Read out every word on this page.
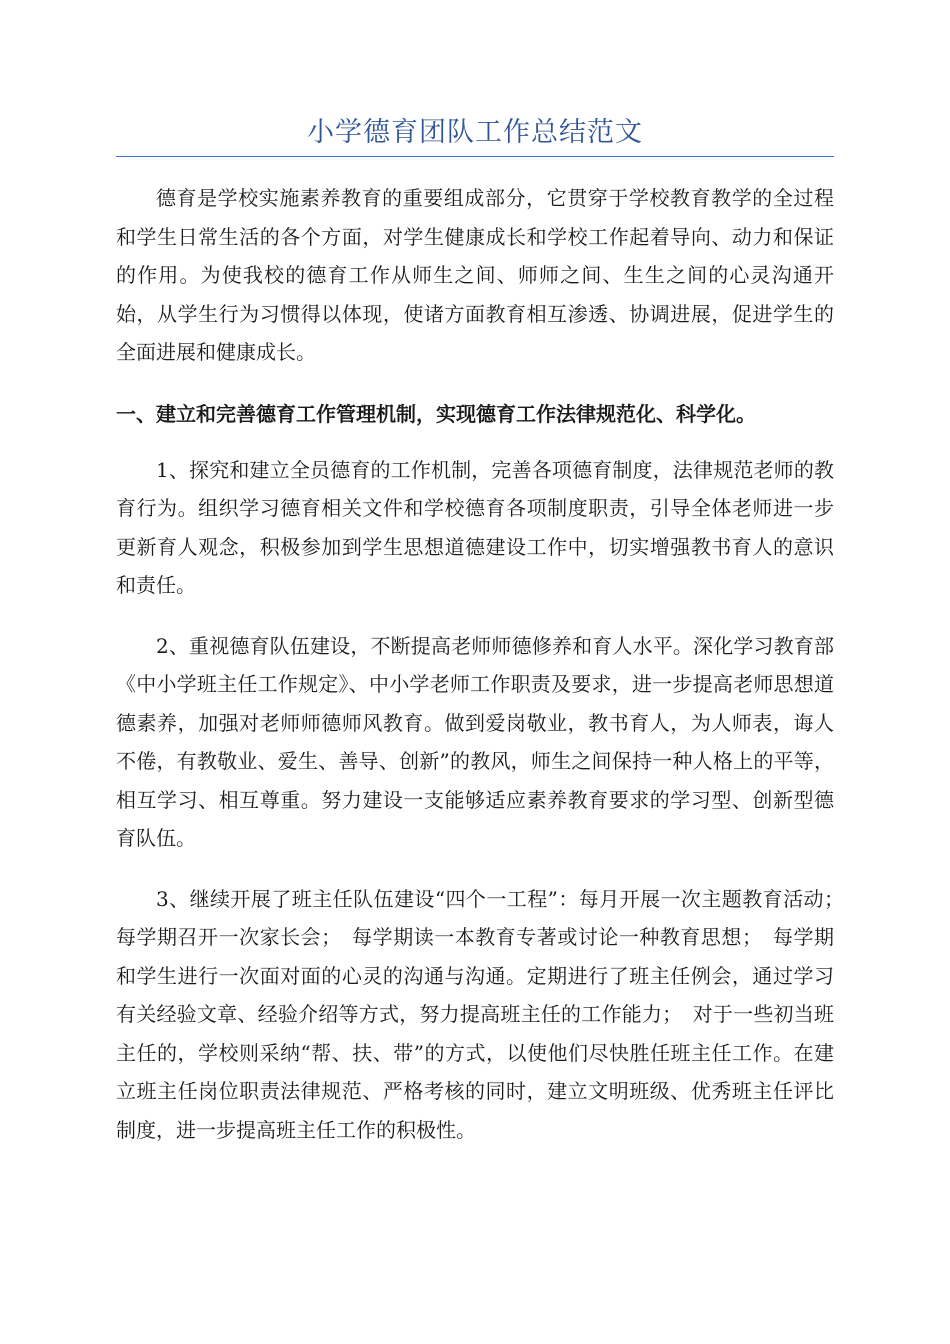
小学德育团队工作总结范文

德育是学校实施素养教育的重要组成部分，它贯穿于学校教育教学的全过程和学生日常生活的各个方面，对学生健康成长和学校工作起着导向、动力和保证的作用。为使我校的德育工作从师生之间、师师之间、生生之间的心灵沟通开始，从学生行为习惯得以体现，使诸方面教育相互渗透、协调进展，促进学生的全面进展和健康成长。

一、建立和完善德育工作管理机制，实现德育工作法律规范化、科学化。

1、探究和建立全员德育的工作机制，完善各项德育制度，法律规范老师的教育行为。组织学习德育相关文件和学校德育各项制度职责，引导全体老师进一步更新育人观念，积极参加到学生思想道德建设工作中，切实增强教书育人的意识和责任。

2、重视德育队伍建设，不断提高老师师德修养和育人水平。深化学习教育部《中小学班主任工作规定》、中小学老师工作职责及要求，进一步提高老师思想道德素养，加强对老师师德师风教育。做到爱岗敬业，教书育人，为人师表，诲人不倦，有教敬业、爱生、善导、创新”的教风，师生之间保持一种人格上的平等，相互学习、相互尊重。努力建设一支能够适应素养教育要求的学习型、创新型德育队伍。

3、继续开展了班主任队伍建设“四个一工程”：每月开展一次主题教育活动；　每学期召开一次家长会；　每学期读一本教育专著或讨论一种教育思想；　每学期和学生进行一次面对面的心灵的沟通与沟通。定期进行了班主任例会，通过学习有关经验文章、经验介绍等方式，努力提高班主任的工作能力；　对于一些初当班主任的，学校则采纳“帮、扶、带”的方式，以使他们尽快胜任班主任工作。在建立班主任岗位职责法律规范、严格考核的同时，建立文明班级、优秀班主任评比制度，进一步提高班主任工作的积极性。
